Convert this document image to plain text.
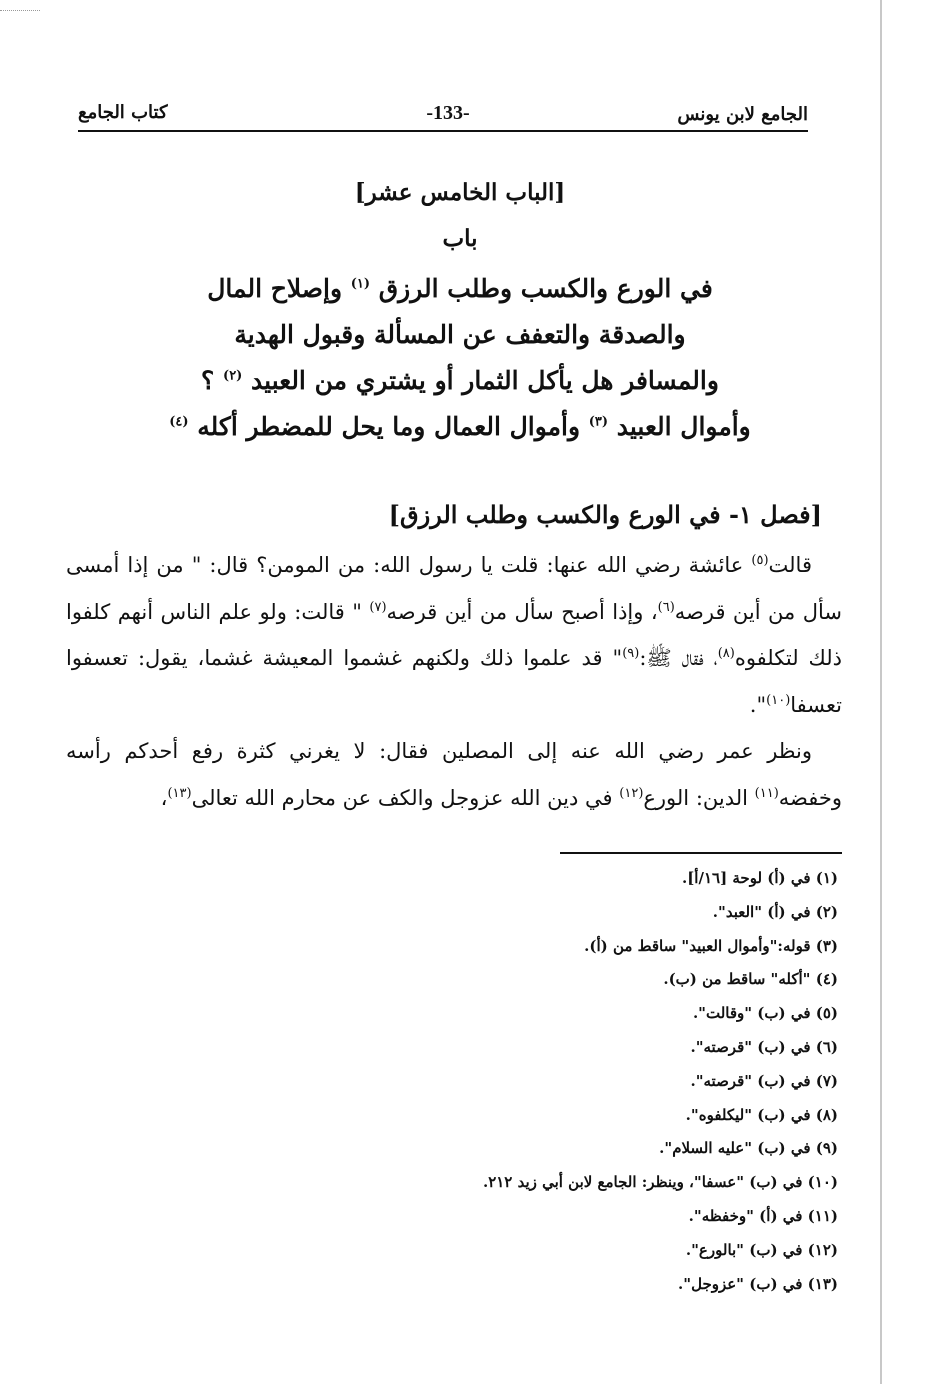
الجامع لابن يونس
-133-
كتاب الجامع
[الباب الخامس عشر]
باب
في الورع والكسب وطلب الرزق $^{(١)}$ وإصلاح المال
والصدقة والتعفف عن المسألة وقبول الهدية
والمسافر هل يأكل الثمار أو يشتري من العبيد $^{(٢)}$ ؟
وأموال العبيد $^{(٣)}$ وأموال العمال وما يحل للمضطر أكله $^{(٤)}$
[فصل ١- في الورع والكسب وطلب الرزق]

قالت$^{(٥)}$ عائشة رضي الله عنها: قلت يا رسول الله: من المومن؟ قال: " من إذا أمسى سأل من أين قرصه$^{(٦)}$، وإذا أصبح سأل من أين قرصه$^{(٧)}$ " قالت: ولو علم الناس أنهم كلفوا ذلك لتكلفوه$^{(٨)}$، فقال ﷺ:$^{(٩)}$" قد علموا ذلك ولكنهم غشموا المعيشة غشما، يقول: تعسفوا تعسفا$^{(١٠)}$".

ونظر عمر رضي الله عنه إلى المصلين فقال: لا يغرني كثرة رفع أحدكم رأسه وخفضه$^{(١١)}$ الدين: الورع$^{(١٢)}$ في دين الله عزوجل والكف عن محارم الله تعالى$^{(١٣)}$،

(١) في (أ) لوحة [١٦/أ].
(٢) في (أ) "العبد".
(٣) قوله:"وأموال العبيد" ساقط من (أ).
(٤) "أكله" ساقط من (ب).
(٥) في (ب) "وقالت".
(٦) في (ب) "قرصته".
(٧) في (ب) "قرصته".
(٨) في (ب) "ليكلفوه".
(٩) في (ب) "عليه السلام".
(١٠) في (ب) "عسفا"، وينظر: الجامع لابن أبي زيد ٢١٢.
(١١) في (أ) "وخفظه".
(١٢) في (ب) "بالورع".
(١٣) في (ب) "عزوجل".
